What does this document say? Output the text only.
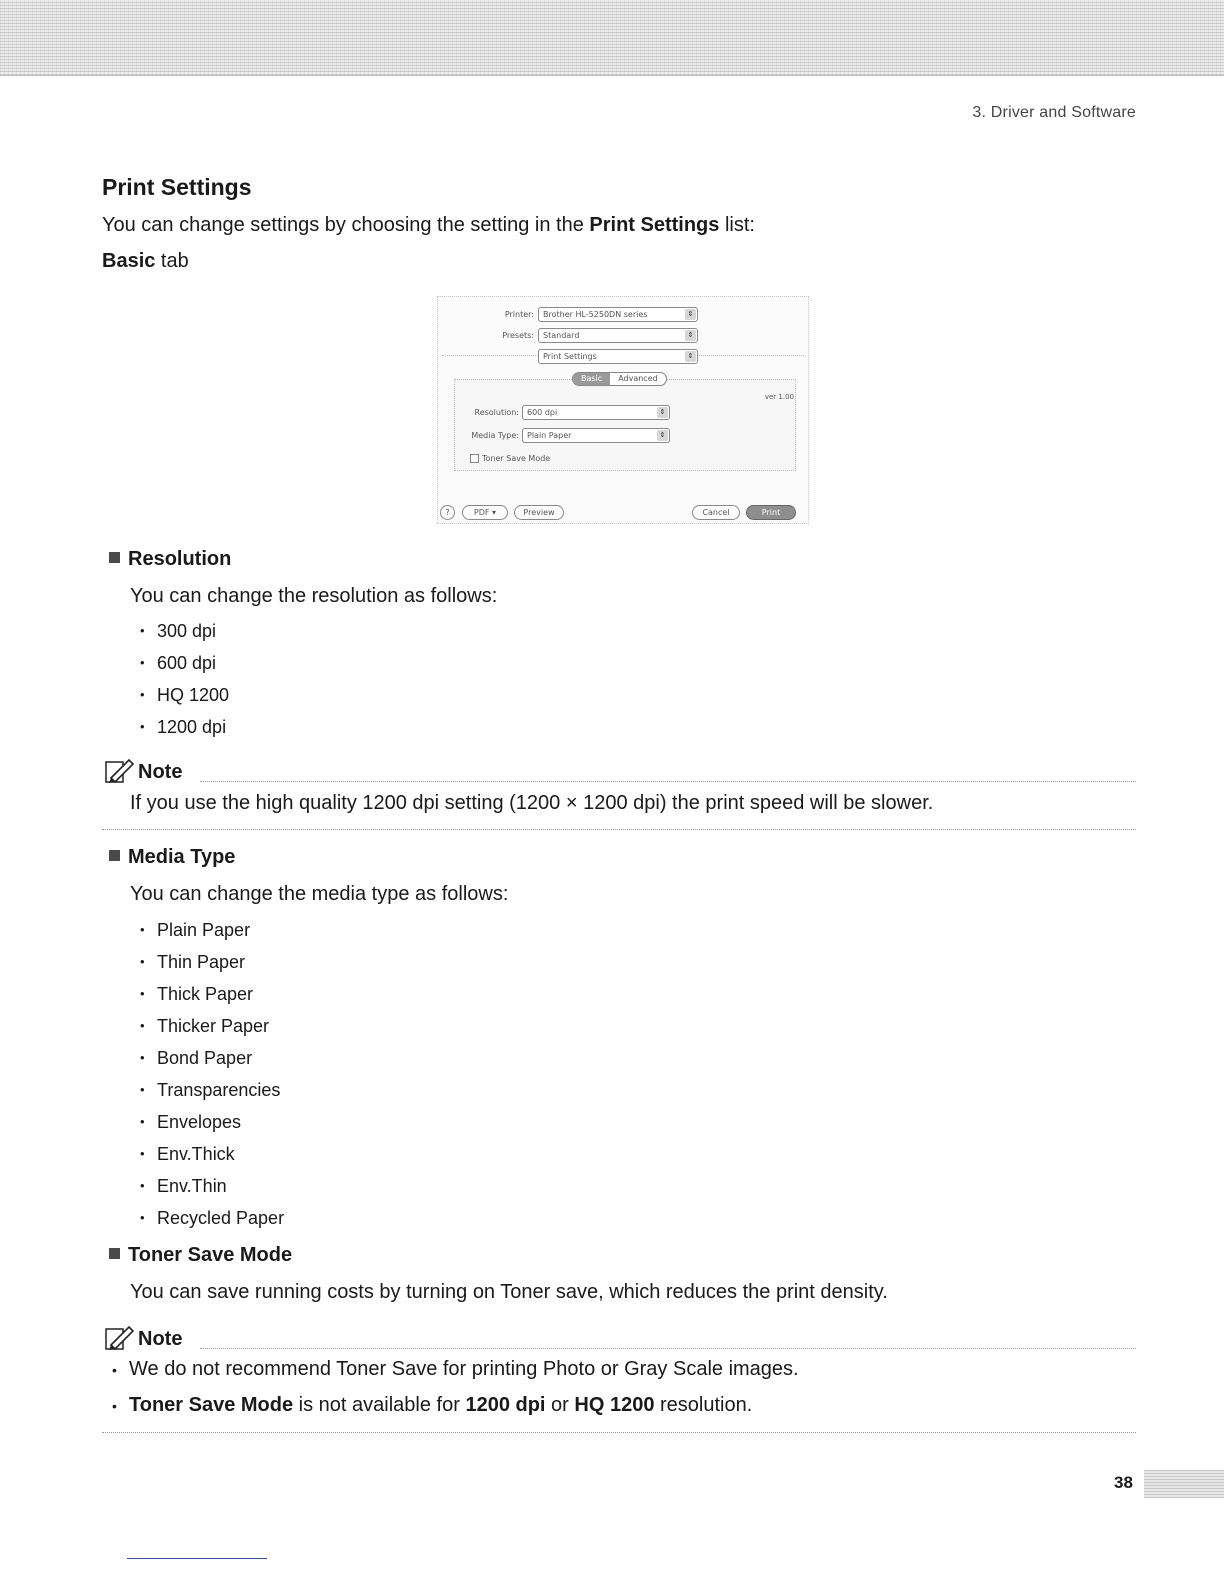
3. Driver and Software
Print Settings
You can change settings by choosing the setting in the Print Settings list:
Basic tab
Printer:	Brother HL-5250DN series	⇕
Presets:	Standard	⇕
Print Settings	⇕
Basic	Advanced
ver 1.00
Resolution:	600 dpi	⇕
Media Type:	Plain Paper	⇕
Toner Save Mode
?	PDF ▾	Preview	Cancel	Print
Resolution
You can change the resolution as follows:
• 300 dpi
• 600 dpi
• HQ 1200
• 1200 dpi
Note
If you use the high quality 1200 dpi setting (1200 × 1200 dpi) the print speed will be slower.
Media Type
You can change the media type as follows:
• Plain Paper
• Thin Paper
• Thick Paper
• Thicker Paper
• Bond Paper
• Transparencies
• Envelopes
• Env.Thick
• Env.Thin
• Recycled Paper
Toner Save Mode
You can save running costs by turning on Toner save, which reduces the print density.
Note
• We do not recommend Toner Save for printing Photo or Gray Scale images.
• Toner Save Mode is not available for 1200 dpi or HQ 1200 resolution.
38
